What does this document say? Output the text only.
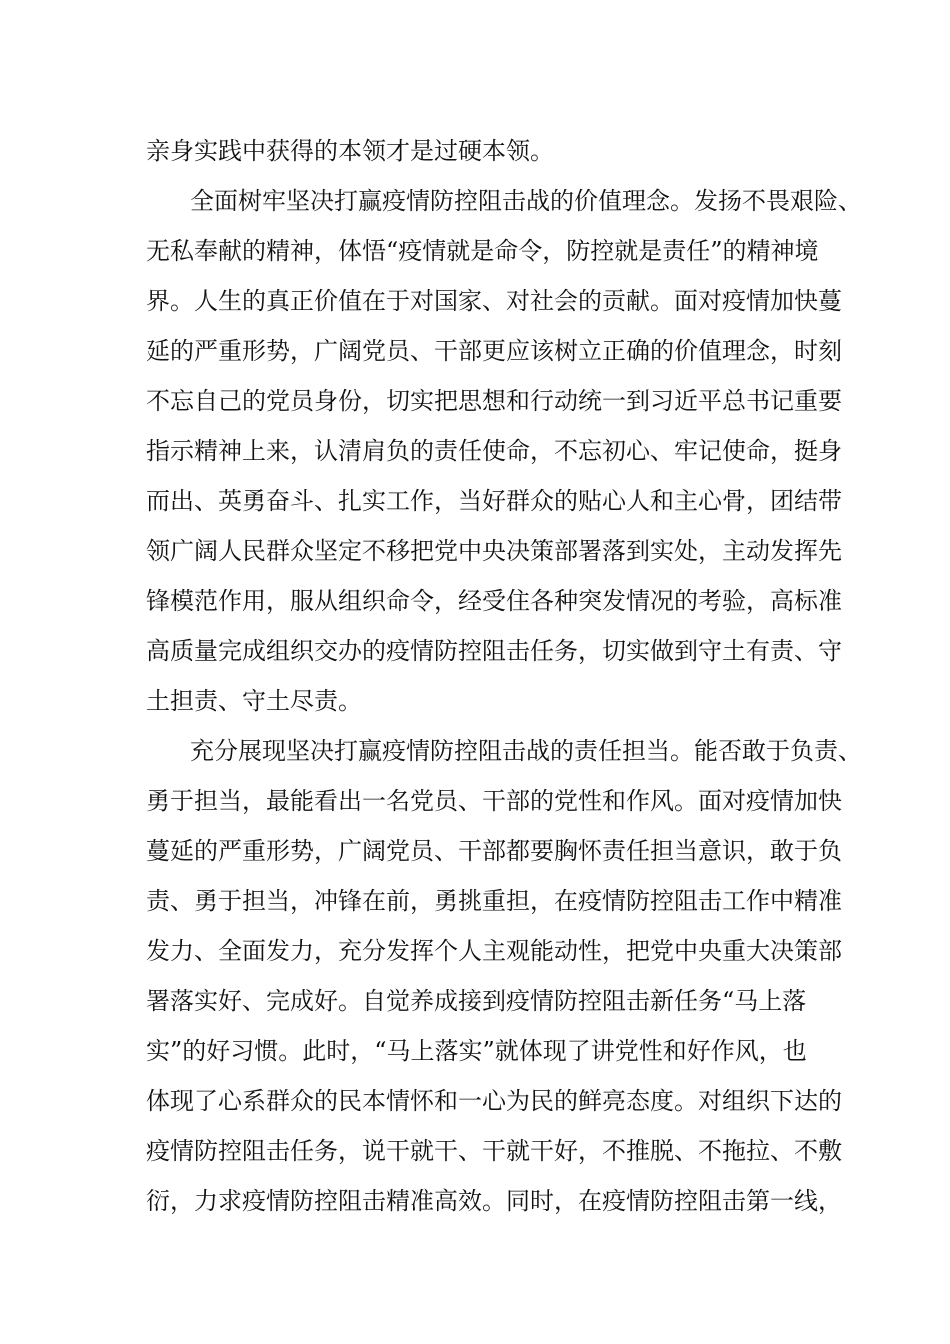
亲身实践中获得的本领才是过硬本领。
全面树牢坚决打赢疫情防控阻击战的价值理念。发扬不畏艰险、
无私奉献的精神，体悟“疫情就是命令，防控就是责任”的精神境
界。人生的真正价值在于对国家、对社会的贡献。面对疫情加快蔓
延的严重形势，广阔党员、干部更应该树立正确的价值理念，时刻
不忘自己的党员身份，切实把思想和行动统一到习近平总书记重要
指示精神上来，认清肩负的责任使命，不忘初心、牢记使命，挺身
而出、英勇奋斗、扎实工作，当好群众的贴心人和主心骨，团结带
领广阔人民群众坚定不移把党中央决策部署落到实处，主动发挥先
锋模范作用，服从组织命令，经受住各种突发情况的考验，高标准
高质量完成组织交办的疫情防控阻击任务，切实做到守土有责、守
土担责、守土尽责。
充分展现坚决打赢疫情防控阻击战的责任担当。能否敢于负责、
勇于担当，最能看出一名党员、干部的党性和作风。面对疫情加快
蔓延的严重形势，广阔党员、干部都要胸怀责任担当意识，敢于负
责、勇于担当，冲锋在前，勇挑重担，在疫情防控阻击工作中精准
发力、全面发力，充分发挥个人主观能动性，把党中央重大决策部
署落实好、完成好。自觉养成接到疫情防控阻击新任务“马上落
实”的好习惯。此时，“马上落实”就体现了讲党性和好作风，也
体现了心系群众的民本情怀和一心为民的鲜亮态度。对组织下达的
疫情防控阻击任务，说干就干、干就干好，不推脱、不拖拉、不敷
衍，力求疫情防控阻击精准高效。同时，在疫情防控阻击第一线，
